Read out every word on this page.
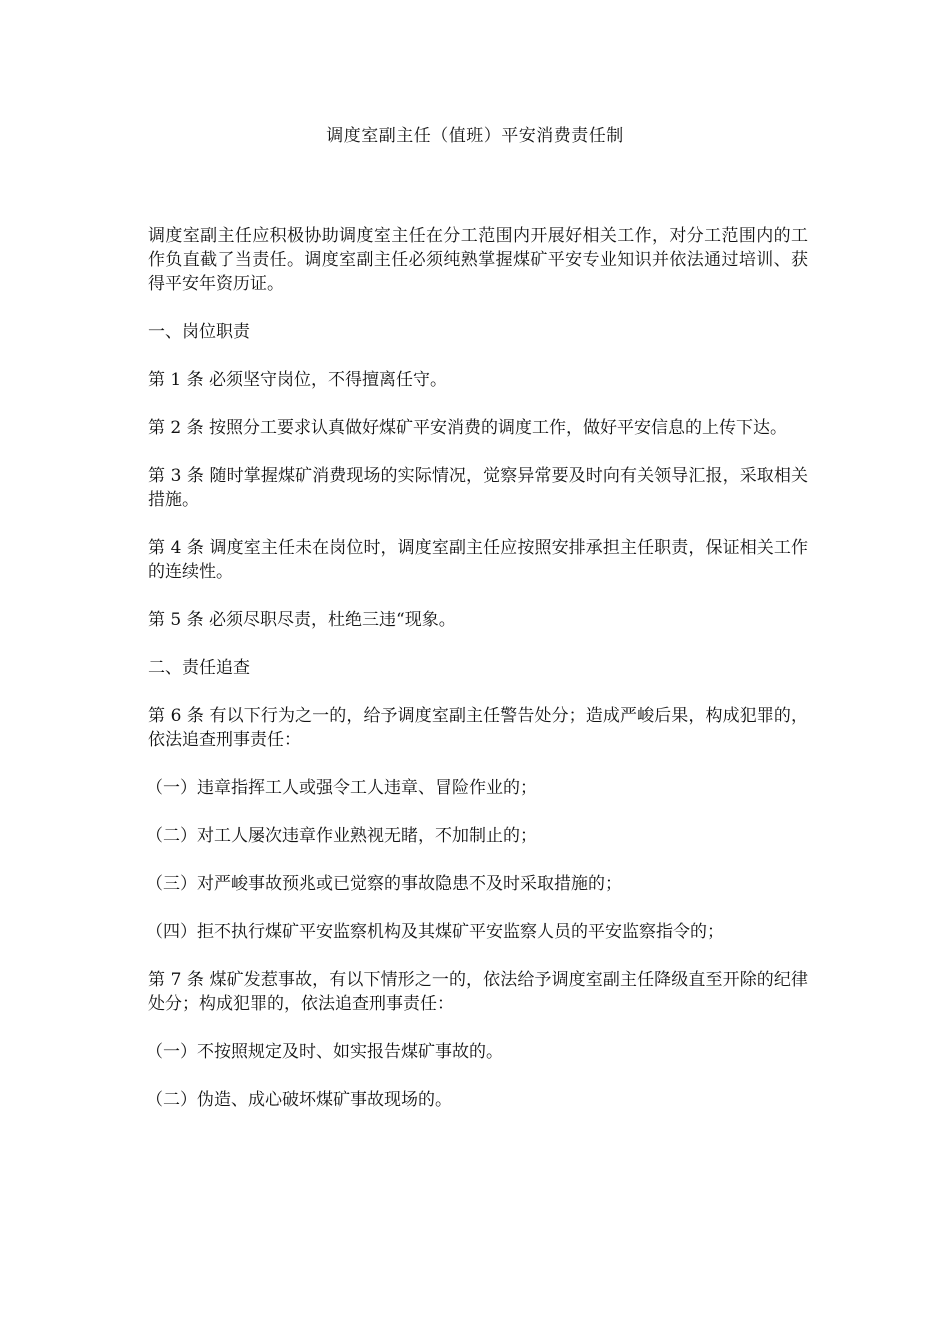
调度室副主任（值班）平安消费责任制

调度室副主任应积极协助调度室主任在分工范围内开展好相关工作，对分工范围内的工作负直截了当责任。调度室副主任必须纯熟掌握煤矿平安专业知识并依法通过培训、获得平安年资历证。

一、岗位职责

第 1 条 必须坚守岗位，不得擅离任守。

第 2 条 按照分工要求认真做好煤矿平安消费的调度工作，做好平安信息的上传下达。

第 3 条 随时掌握煤矿消费现场的实际情况，觉察异常要及时向有关领导汇报，采取相关措施。

第 4 条 调度室主任未在岗位时，调度室副主任应按照安排承担主任职责，保证相关工作的连续性。

第 5 条 必须尽职尽责，杜绝三违“现象。

二、责任追查

第 6 条 有以下行为之一的，给予调度室副主任警告处分；造成严峻后果，构成犯罪的，依法追查刑事责任：

（一）违章指挥工人或强令工人违章、冒险作业的；

（二）对工人屡次违章作业熟视无睹，不加制止的；

（三）对严峻事故预兆或已觉察的事故隐患不及时采取措施的；

（四）拒不执行煤矿平安监察机构及其煤矿平安监察人员的平安监察指令的；

第 7 条 煤矿发惹事故，有以下情形之一的，依法给予调度室副主任降级直至开除的纪律处分；构成犯罪的，依法追查刑事责任：

（一）不按照规定及时、如实报告煤矿事故的。

（二）伪造、成心破坏煤矿事故现场的。
